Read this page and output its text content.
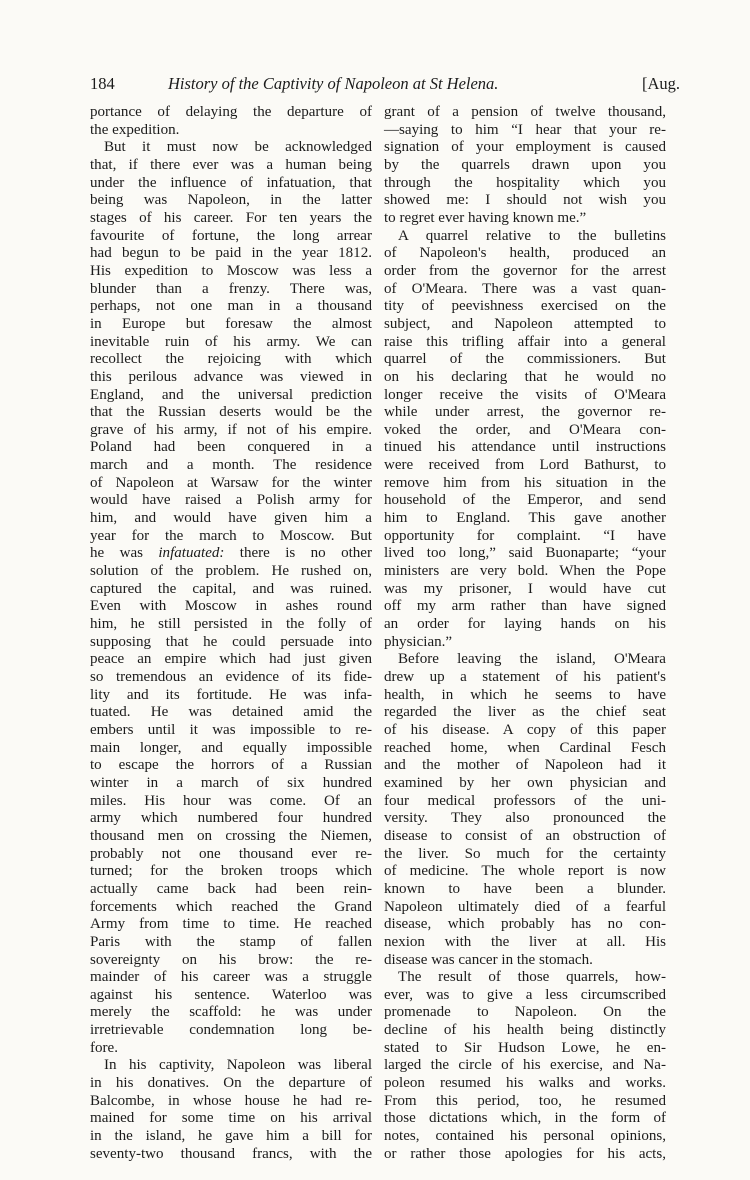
184	History of the Captivity of Napoleon at St Helena.	[Aug.
portance of delaying the departure of
the expedition.
But it must now be acknowledged
that, if there ever was a human being
under the influence of infatuation, that
being was Napoleon, in the latter
stages of his career. For ten years the
favourite of fortune, the long arrear
had begun to be paid in the year 1812.
His expedition to Moscow was less a
blunder than a frenzy. There was,
perhaps, not one man in a thousand
in Europe but foresaw the almost
inevitable ruin of his army. We can
recollect the rejoicing with which
this perilous advance was viewed in
England, and the universal prediction
that the Russian deserts would be the
grave of his army, if not of his empire.
Poland had been conquered in a
march and a month. The residence
of Napoleon at Warsaw for the winter
would have raised a Polish army for
him, and would have given him a
year for the march to Moscow. But
he was infatuated: there is no other
solution of the problem. He rushed on,
captured the capital, and was ruined.
Even with Moscow in ashes round
him, he still persisted in the folly of
supposing that he could persuade into
peace an empire which had just given
so tremendous an evidence of its fide-
lity and its fortitude. He was infa-
tuated. He was detained amid the
embers until it was impossible to re-
main longer, and equally impossible
to escape the horrors of a Russian
winter in a march of six hundred
miles. His hour was come. Of an
army which numbered four hundred
thousand men on crossing the Niemen,
probably not one thousand ever re-
turned; for the broken troops which
actually came back had been rein-
forcements which reached the Grand
Army from time to time. He reached
Paris with the stamp of fallen
sovereignty on his brow: the re-
mainder of his career was a struggle
against his sentence. Waterloo was
merely the scaffold: he was under
irretrievable condemnation long be-
fore.
In his captivity, Napoleon was liberal
in his donatives. On the departure of
Balcombe, in whose house he had re-
mained for some time on his arrival
in the island, he gave him a bill for
seventy-two thousand francs, with the
grant of a pension of twelve thousand,
—saying to him “I hear that your re-
signation of your employment is caused
by the quarrels drawn upon you
through the hospitality which you
showed me: I should not wish you
to regret ever having known me.”
A quarrel relative to the bulletins
of Napoleon's health, produced an
order from the governor for the arrest
of O'Meara. There was a vast quan-
tity of peevishness exercised on the
subject, and Napoleon attempted to
raise this trifling affair into a general
quarrel of the commissioners. But
on his declaring that he would no
longer receive the visits of O'Meara
while under arrest, the governor re-
voked the order, and O'Meara con-
tinued his attendance until instructions
were received from Lord Bathurst, to
remove him from his situation in the
household of the Emperor, and send
him to England. This gave another
opportunity for complaint. “I have
lived too long,” said Buonaparte; “your
ministers are very bold. When the Pope
was my prisoner, I would have cut
off my arm rather than have signed
an order for laying hands on his
physician.”
Before leaving the island, O'Meara
drew up a statement of his patient's
health, in which he seems to have
regarded the liver as the chief seat
of his disease. A copy of this paper
reached home, when Cardinal Fesch
and the mother of Napoleon had it
examined by her own physician and
four medical professors of the uni-
versity. They also pronounced the
disease to consist of an obstruction of
the liver. So much for the certainty
of medicine. The whole report is now
known to have been a blunder.
Napoleon ultimately died of a fearful
disease, which probably has no con-
nexion with the liver at all. His
disease was cancer in the stomach.
The result of those quarrels, how-
ever, was to give a less circumscribed
promenade to Napoleon. On the
decline of his health being distinctly
stated to Sir Hudson Lowe, he en-
larged the circle of his exercise, and Na-
poleon resumed his walks and works.
From this period, too, he resumed
those dictations which, in the form of
notes, contained his personal opinions,
or rather those apologies for his acts,
